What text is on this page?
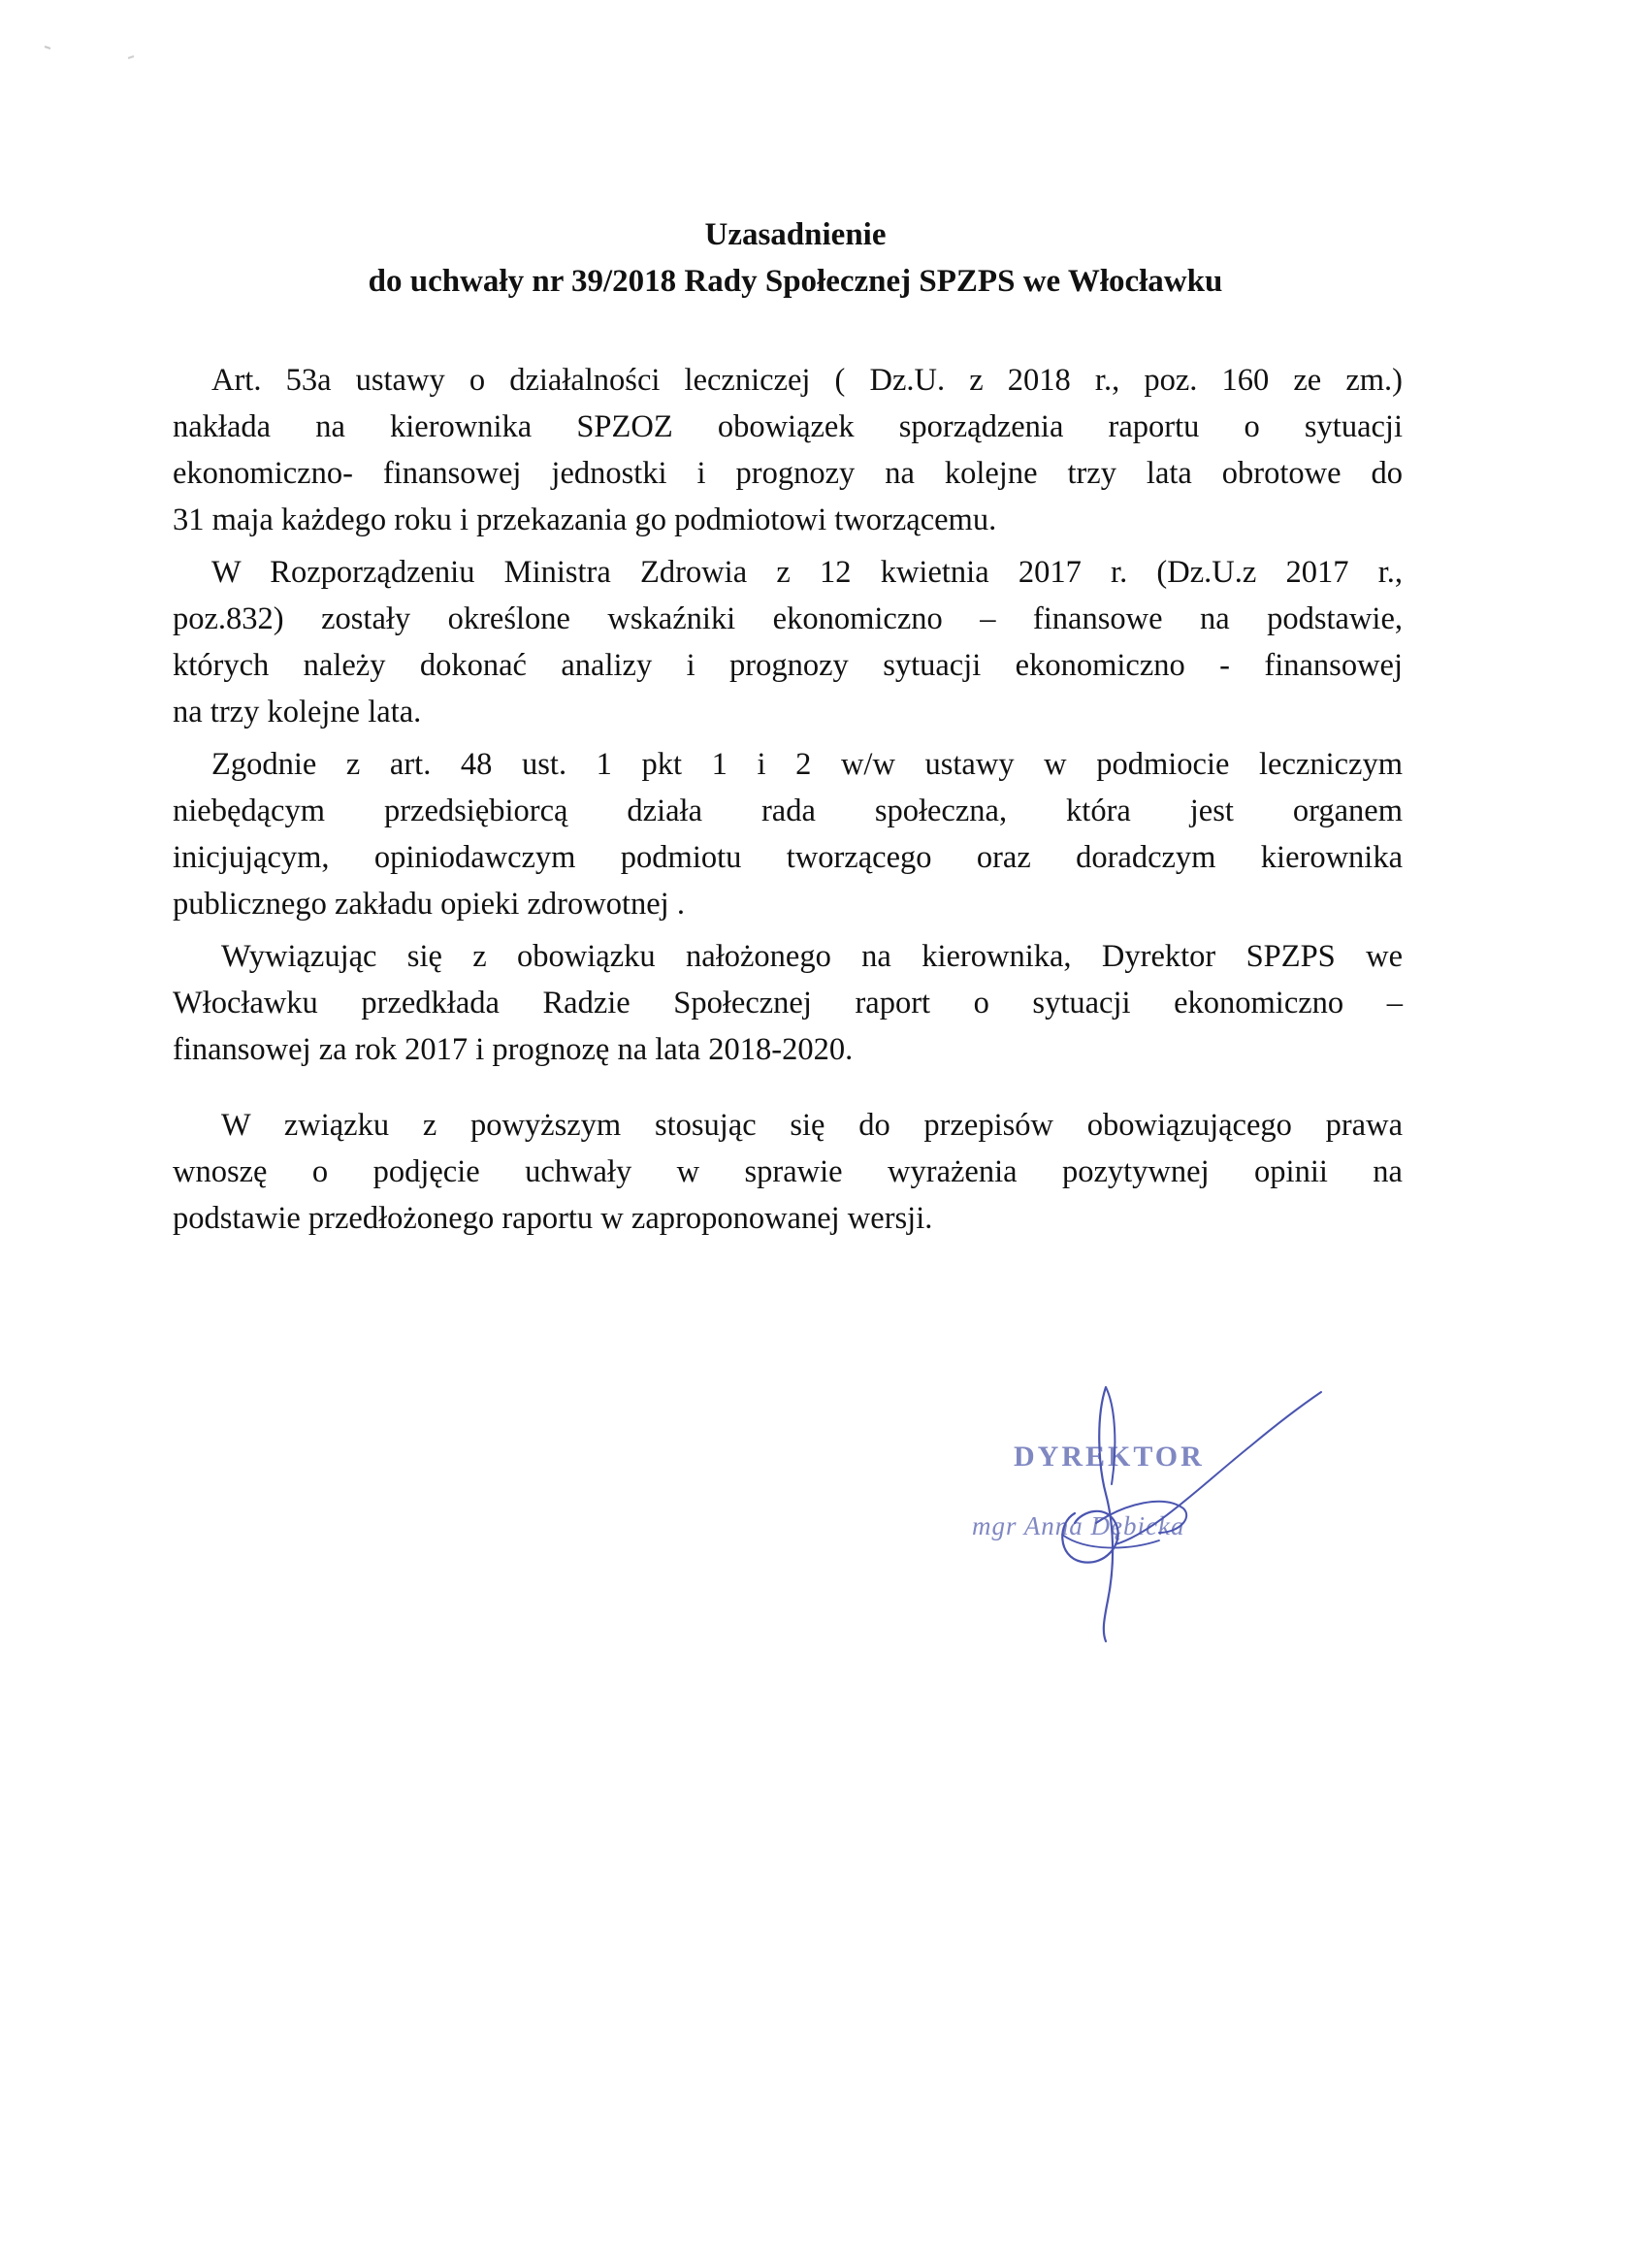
Uzasadnienie
do uchwały nr 39/2018 Rady Społecznej SPZPS we Włocławku
Art. 53a ustawy o działalności leczniczej ( Dz.U. z 2018 r., poz. 160 ze zm.)
nakłada na kierownika SPZOZ obowiązek sporządzenia raportu o sytuacji
ekonomiczno- finansowej jednostki i prognozy na kolejne trzy lata obrotowe do
31 maja każdego roku i przekazania go podmiotowi tworzącemu.
W Rozporządzeniu Ministra Zdrowia z 12 kwietnia 2017 r. (Dz.U.z 2017 r.,
poz.832) zostały określone wskaźniki ekonomiczno – finansowe na podstawie,
których należy dokonać analizy i prognozy sytuacji ekonomiczno - finansowej
na trzy kolejne lata.
Zgodnie z art. 48 ust. 1 pkt 1 i 2 w/w ustawy w podmiocie leczniczym
niebędącym przedsiębiorcą działa rada społeczna, która jest organem
inicjującym, opiniodawczym podmiotu tworzącego oraz doradczym kierownika
publicznego zakładu opieki zdrowotnej .
Wywiązując się z obowiązku nałożonego na kierownika, Dyrektor SPZPS we
Włocławku przedkłada Radzie Społecznej raport o sytuacji ekonomiczno –
finansowej za rok 2017 i prognozę na lata 2018-2020.
W związku z powyższym stosując się do przepisów obowiązującego prawa
wnoszę o podjęcie uchwały w sprawie wyrażenia pozytywnej opinii na
podstawie przedłożonego raportu w zaproponowanej wersji.
DYREKTOR
mgr Anna Dębicka
